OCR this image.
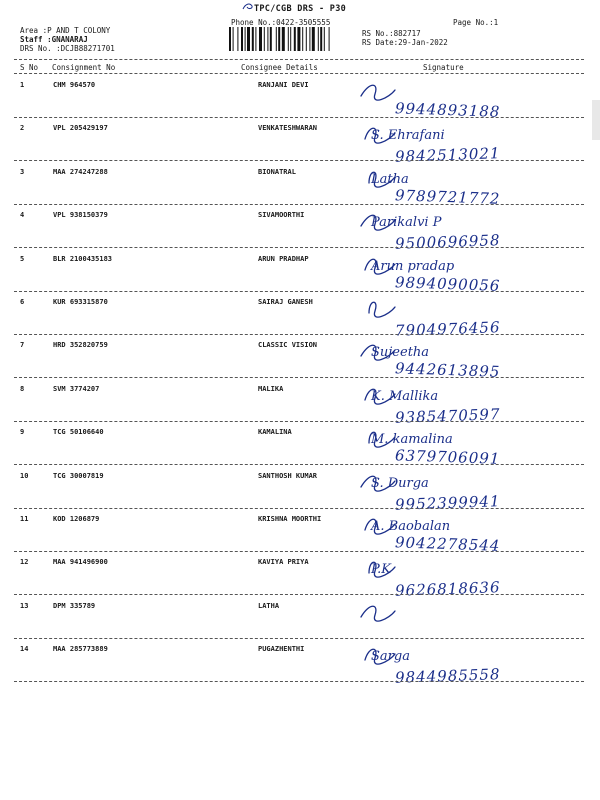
TPC/CGB DRS - P30
Phone No.:0422-3505555	Page No.:1
Area :P AND T COLONY
Staff :GNANARAJ
DRS No. :DCJB88271701
RS No.:882717
RS Date:29-Jan-2022
S No Consignment No	Consignee Details	Signature
1	CHM 964570	RANJANI DEVI
9944893188
2	VPL 205429197	VENKATESHWARAN	S. Ehrafani
9842513021
3	MAA 274247288	BIONATRAL	Latha
9789721772
4	VPL 938150379	SIVAMOORTHI	Parikalvi P
9500696958
5	BLR 2100435183	ARUN PRADHAP	Arun pradap
9894090056
6	KUR 693315870	SAIRAJ GANESH
7904976456
7	HRD 352820759	CLASSIC VISION	Sujeetha
9442613895
8	SVM 3774207	MALIKA	K. Mallika
9385470597
9	TCG 50106640	KAMALINA	M. kamalina
6379706091
10	TCG 30007819	SANTHOSH KUMAR	S. Durga
9952399941
11	KOD 1206879	KRISHNA MOORTHI	A. Baobalan
9042278544
12	MAA 941496900	KAVIYA PRIYA	P.K
9626818636
13	DPM 335789	LATHA
14	MAA 285773889	PUGAZHENTHI	Sarga
9844985558
